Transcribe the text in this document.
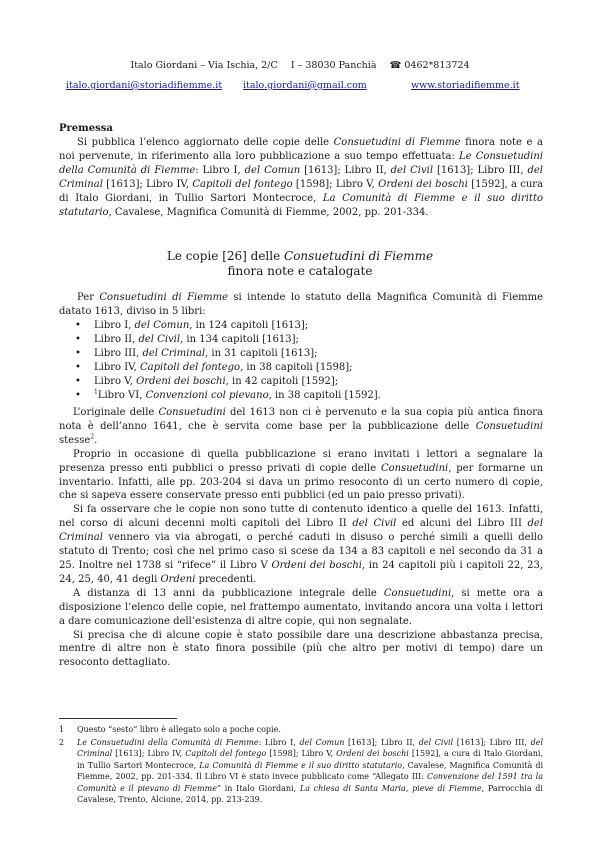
Italo Giordani – Via Ischia, 2/C I – 38030 Panchià ☎ 0462*813724
italo.giordani@storiadifiemme.it italo.giordani@gmail.com	www.storiadifiemme.it
Premessa
Si pubblica l’elenco aggiornato delle copie delle Consuetudini di Fiemme finora note e a noi pervenute, in riferimento alla loro pubblicazione a suo tempo effettuata: Le Consuetudini della Comunità di Fiemme: Libro I, del Comun [1613]; Libro II, del Civil [1613]; Libro III, del Criminal [1613]; Libro IV, Capitoli del fontego [1598]; Libro V, Ordeni dei boschi [1592], a cura di Italo Giordani, in Tullio Sartori Montecroce, La Comunità di Fiemme e il suo diritto statutario, Cavalese, Magnifica Comunità di Fiemme, 2002, pp. 201-334.
Le copie [26] delle Consuetudini di Fiemme
finora note e catalogate
Per Consuetudini di Fiemme si intende lo statuto della Magnifica Comunità di Fiemme datato 1613, diviso in 5 libri:
• Libro I, del Comun, in 124 capitoli [1613];
• Libro II, del Civil, in 134 capitoli [1613];
• Libro III, del Criminal, in 31 capitoli [1613];
• Libro IV, Capitoli del fontego, in 38 capitoli [1598];
• Libro V, Ordeni dei boschi, in 42 capitoli [1592];
• $^1$Libro VI, Convenzioni col pievano, in 38 capitoli [1592].

L’originale delle Consuetudini del 1613 non ci è pervenuto e la sua copia più antica finora nota è dell’anno 1641, che è servita come base per la pubblicazione delle Consuetudini stesse$^2$.

Proprio in occasione di quella pubblicazione si erano invitati i lettori a segnalare la presenza presso enti pubblici o presso privati di copie delle Consuetudini, per formarne un inventario. Infatti, alle pp. 203-204 si dava un primo resoconto di un certo numero di copie, che si sapeva essere conservate presso enti pubblici (ed un paio presso privati).

Si fa osservare che le copie non sono tutte di contenuto identico a quelle del 1613. Infatti, nel corso di alcuni decenni molti capitoli del Libro II del Civil ed alcuni del Libro III del Criminal vennero via via abrogati, o perché caduti in disuso o perché simili a quelli dello statuto di Trento; così che nel primo caso si scese da 134 a 83 capitoli e nel secondo da 31 a 25. Inoltre nel 1738 si “rifece” il Libro V Ordeni dei boschi, in 24 capitoli più i capitoli 22, 23, 24, 25, 40, 41 degli Ordeni precedenti.

A distanza di 13 anni da pubblicazione integrale delle Consuetudini, si mette ora a disposizione l’elenco delle copie, nel frattempo aumentato, invitando ancora una volta i lettori a dare comunicazione dell’esistenza di altre copie, qui non segnalate.

Si precisa che di alcune copie è stato possibile dare una descrizione abbastanza precisa, mentre di altre non è stato finora possibile (più che altro per motivi di tempo) dare un resoconto dettagliato.

1	Questo “sesto” libro è allegato solo a poche copie.
2	Le Consuetudini della Comunità di Fiemme: Libro I, del Comun [1613]; Libro II, del Civil [1613]; Libro III, del Criminal [1613]; Libro IV, Capitoli del fontego [1598]; Libro V, Ordeni dei boschi [1592], a cura di Italo Giordani, in Tullio Sartori Montecroce, La Comunità di Fiemme e il suo diritto statutario, Cavalese, Magnifica Comunità di Fiemme, 2002, pp. 201-334. Il Libro VI è stato invece pubblicato come “Allegato III: Convenzione del 1591 tra la Comunità e il pievano di Fiemme” in Italo Giordani, La chiesa di Santa Maria, pieve di Fiemme, Parrocchia di Cavalese, Trento, Alcione, 2014, pp. 213-239.
